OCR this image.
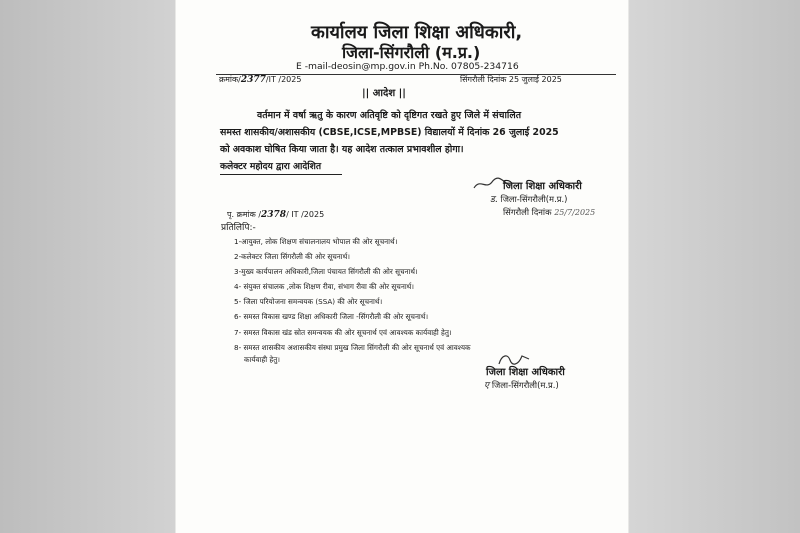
कार्यालय जिला शिक्षा अधिकारी,
जिला-सिंगरौली (म.प्र.)
E -mail-deosin@mp.gov.in Ph.No. 07805-234716
क्रमांक/2377/IT /2025	सिंगरौली दिनांक 25 जुलाई 2025
|| आदेश ||
वर्तमान में वर्षा ऋतु के कारण अतिवृष्टि को दृष्टिगत रखते हुए जिले में संचालित
समस्त शासकीय/अशासकीय (CBSE,ICSE,MPBSE) विद्यालयों में दिनांक 26 जुलाई 2025
को अवकाश घोषित किया जाता है। यह आदेश तत्काल प्रभावशील होगा।
कलेक्टर महोदय द्वारा आदेशित
जिला शिक्षा अधिकारी
ड. जिला-सिंगरौली(म.प्र.)
सिंगरौली दिनांक 25/7/2025
पृ. क्रमांक /2378/ IT /2025
प्रतिलिपि:-
1-आयुक्त, लोक शिक्षण संचालनालय भोपाल की ओर सूचनार्थ।
2-कलेक्टर जिला सिंगरौली की ओर सूचनार्थ।
3-मुख्य कार्यपालन अधिकारी,जिला पंचायत सिंगरौली की ओर सूचनार्थ।
4- संयुक्त संचालक ,लोक शिक्षण रीवा, संभाग रीवा की ओर सूचनार्थ।
5- जिला परियोजना समन्वयक (SSA) की ओर सूचनार्थ।
6- समस्त विकास खण्ड शिक्षा अधिकारी जिला -सिंगरौली की ओर सूचनार्थ।
7- समस्त विकास खंड स्रोत समन्वयक की ओर सूचनार्थ एवं आवश्यक कार्यवाही हेतु।
8- समस्त शासकीय अशासकीय संस्था प्रमुख जिला सिंगरौली की ओर सूचनार्थ एवं आवश्यक
कार्यवाही हेतु।
जिला शिक्षा अधिकारी
ए जिला-सिंगरौली(म.प्र.)
